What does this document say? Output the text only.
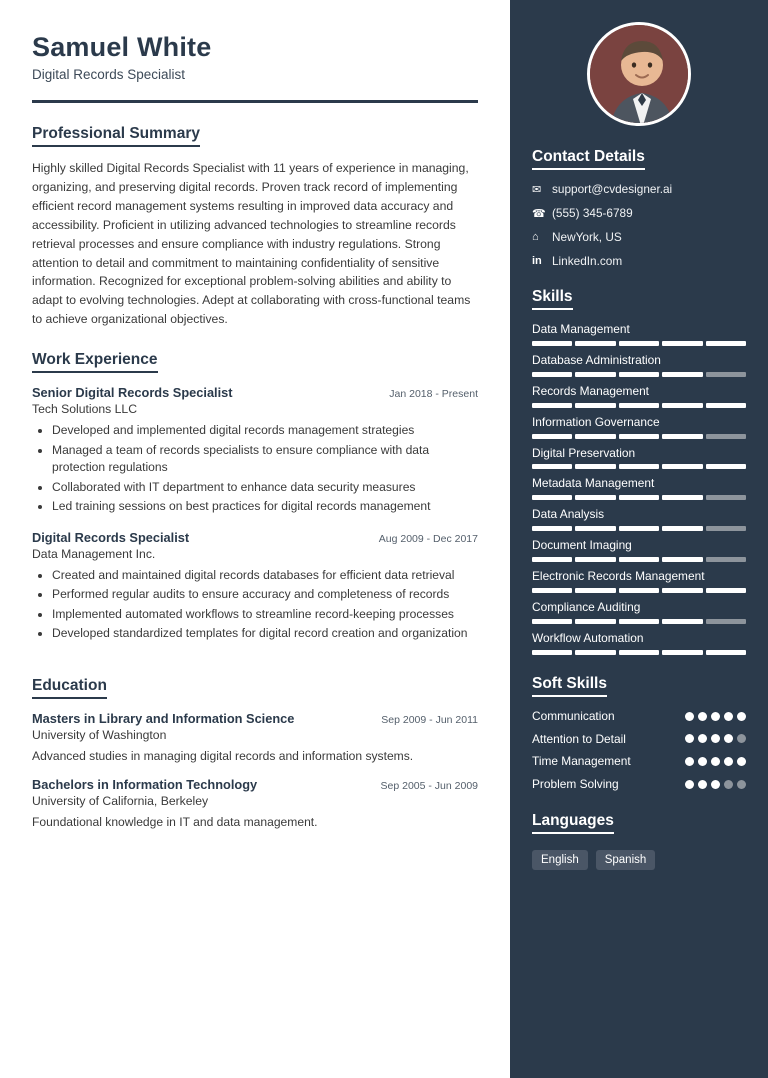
Samuel White
Digital Records Specialist
Professional Summary
Highly skilled Digital Records Specialist with 11 years of experience in managing, organizing, and preserving digital records. Proven track record of implementing efficient record management systems resulting in improved data accuracy and accessibility. Proficient in utilizing advanced technologies to streamline records retrieval processes and ensure compliance with industry regulations. Strong attention to detail and commitment to maintaining confidentiality of sensitive information. Recognized for exceptional problem-solving abilities and ability to adapt to evolving technologies. Adept at collaborating with cross-functional teams to achieve organizational objectives.
Work Experience
Senior Digital Records Specialist	Jan 2018 - Present
Tech Solutions LLC
• Developed and implemented digital records management strategies
• Managed a team of records specialists to ensure compliance with data protection regulations
• Collaborated with IT department to enhance data security measures
• Led training sessions on best practices for digital records management
Digital Records Specialist	Aug 2009 - Dec 2017
Data Management Inc.
• Created and maintained digital records databases for efficient data retrieval
• Performed regular audits to ensure accuracy and completeness of records
• Implemented automated workflows to streamline record-keeping processes
• Developed standardized templates for digital record creation and organization
Education
Masters in Library and Information Science	Sep 2009 - Jun 2011
University of Washington
Advanced studies in managing digital records and information systems.
Bachelors in Information Technology	Sep 2005 - Jun 2009
University of California, Berkeley
Foundational knowledge in IT and data management.
Contact Details
✉ support@cvdesigner.ai
☎ (555) 345-6789
⌂	NewYork, US
in LinkedIn.com
Skills
Data Management
Database Administration
Records Management
Information Governance
Digital Preservation
Metadata Management
Data Analysis
Document Imaging
Electronic Records Management
Compliance Auditing
Workflow Automation
Soft Skills
Communication
Attention to Detail
Time Management
Problem Solving
Languages
English	Spanish
